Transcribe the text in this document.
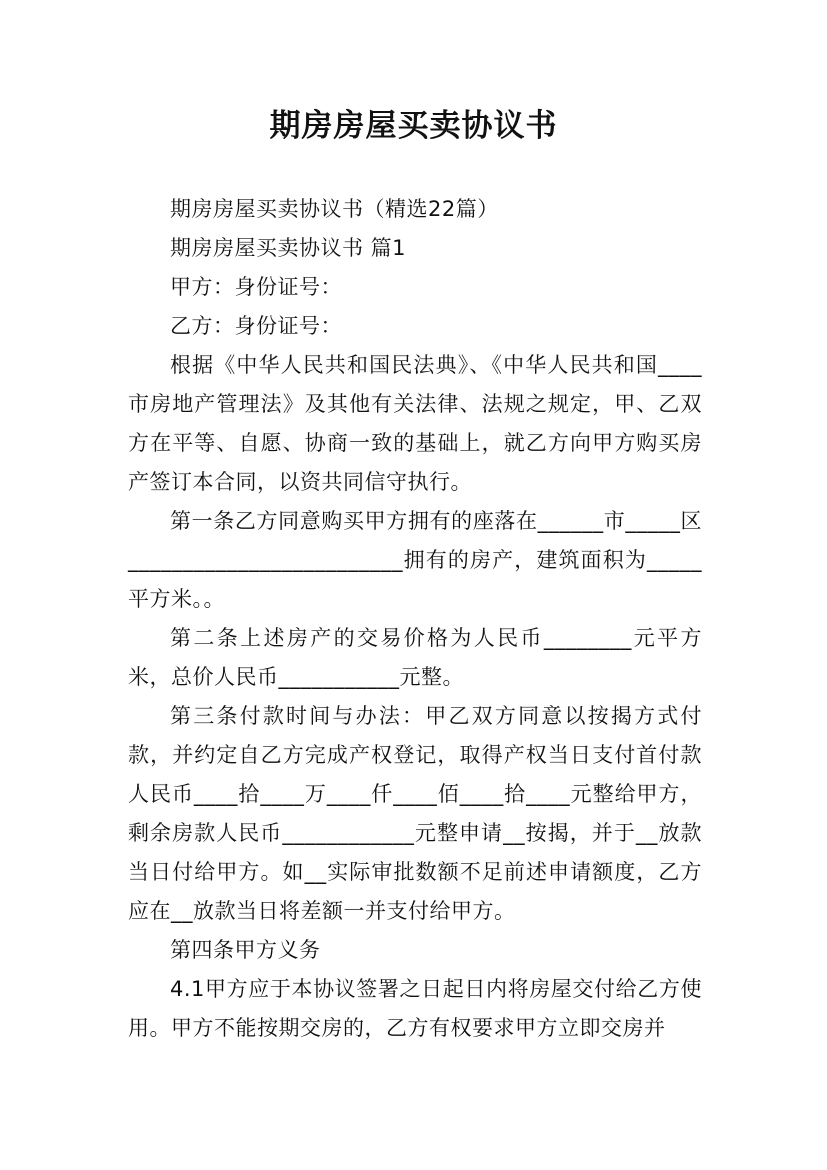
期房房屋买卖协议书

期房房屋买卖协议书（精选22篇）

期房房屋买卖协议书 篇1

甲方：身份证号：

乙方：身份证号：

根据《中华人民共和国民法典》、《中华人民共和国____市房地产管理法》及其他有关法律、法规之规定，甲、乙双方在平等、自愿、协商一致的基础上，就乙方向甲方购买房产签订本合同，以资共同信守执行。

第一条乙方同意购买甲方拥有的座落在______市_____区_________________________拥有的房产，建筑面积为_____平方米。。

第二条上述房产的交易价格为人民币________元平方米，总价人民币___________元整。

第三条付款时间与办法：甲乙双方同意以按揭方式付款，并约定自乙方完成产权登记，取得产权当日支付首付款人民币____拾____万____仟____佰____拾____元整给甲方，剩余房款人民币____________元整申请__按揭，并于__放款当日付给甲方。如__实际审批数额不足前述申请额度，乙方应在__放款当日将差额一并支付给甲方。

第四条甲方义务

4.1甲方应于本协议签署之日起日内将房屋交付给乙方使用。甲方不能按期交房的，乙方有权要求甲方立即交房并
